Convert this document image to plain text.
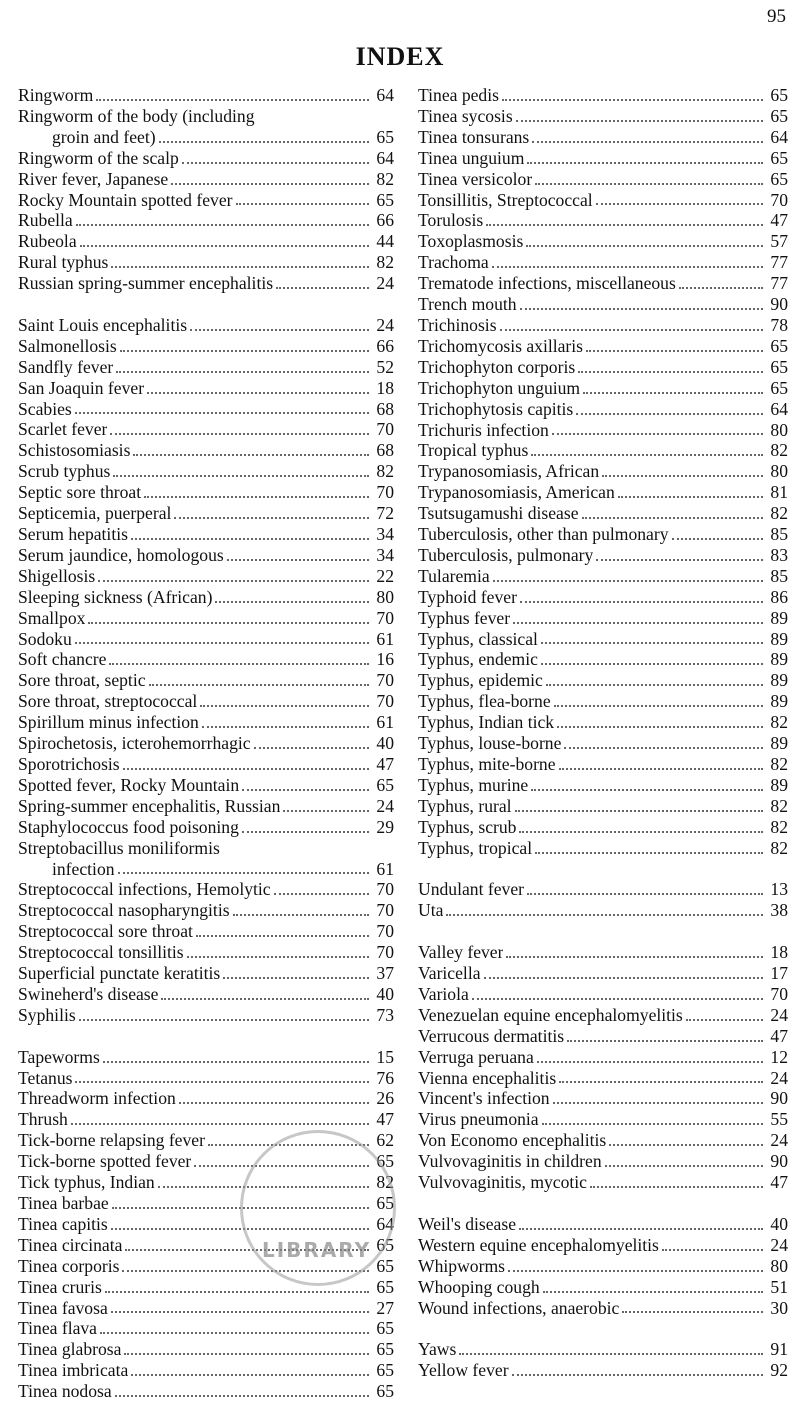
95
INDEX
Ringworm	64
Ringworm of the body (including
groin and feet)	65
Ringworm of the scalp	64
River fever, Japanese	82
Rocky Mountain spotted fever	65
Rubella	66
Rubeola	44
Rural typhus	82
Russian spring-summer encephalitis	24
Saint Louis encephalitis	24
Salmonellosis	66
Sandfly fever	52
San Joaquin fever	18
Scabies	68
Scarlet fever	70
Schistosomiasis	68
Scrub typhus	82
Septic sore throat	70
Septicemia, puerperal	72
Serum hepatitis	34
Serum jaundice, homologous	34
Shigellosis	22
Sleeping sickness (African)	80
Smallpox	70
Sodoku	61
Soft chancre	16
Sore throat, septic	70
Sore throat, streptococcal	70
Spirillum minus infection	61
Spirochetosis, icterohemorrhagic	40
Sporotrichosis	47
Spotted fever, Rocky Mountain	65
Spring-summer encephalitis, Russian	24
Staphylococcus food poisoning	29
Streptobacillus moniliformis
infection	61
Streptococcal infections, Hemolytic	70
Streptococcal nasopharyngitis	70
Streptococcal sore throat	70
Streptococcal tonsillitis	70
Superficial punctate keratitis	37
Swineherd's disease	40
Syphilis	73
Tapeworms	15
Tetanus	76
Threadworm infection	26
Thrush	47
Tick-borne relapsing fever	62
Tick-borne spotted fever	65
Tick typhus, Indian	82
Tinea barbae	65
Tinea capitis	64
Tinea circinata	65
Tinea corporis	65
Tinea cruris	65
Tinea favosa	27
Tinea flava	65
Tinea glabrosa	65
Tinea imbricata	65
Tinea nodosa	65
Tinea pedis	65
Tinea sycosis	65
Tinea tonsurans	64
Tinea unguium	65
Tinea versicolor	65
Tonsillitis, Streptococcal	70
Torulosis	47
Toxoplasmosis	57
Trachoma	77
Trematode infections, miscellaneous	77
Trench mouth	90
Trichinosis	78
Trichomycosis axillaris	65
Trichophyton corporis	65
Trichophyton unguium	65
Trichophytosis capitis	64
Trichuris infection	80
Tropical typhus	82
Trypanosomiasis, African	80
Trypanosomiasis, American	81
Tsutsugamushi disease	82
Tuberculosis, other than pulmonary	85
Tuberculosis, pulmonary	83
Tularemia	85
Typhoid fever	86
Typhus fever	89
Typhus, classical	89
Typhus, endemic	89
Typhus, epidemic	89
Typhus, flea-borne	89
Typhus, Indian tick	82
Typhus, louse-borne	89
Typhus, mite-borne	82
Typhus, murine	89
Typhus, rural	82
Typhus, scrub	82
Typhus, tropical	82
Undulant fever	13
Uta	38
Valley fever	18
Varicella	17
Variola	70
Venezuelan equine encephalomyelitis	24
Verrucous dermatitis	47
Verruga peruana	12
Vienna encephalitis	24
Vincent's infection	90
Virus pneumonia	55
Von Economo encephalitis	24
Vulvovaginitis in children	90
Vulvovaginitis, mycotic	47
Weil's disease	40
Western equine encephalomyelitis	24
Whipworms	80
Whooping cough	51
Wound infections, anaerobic	30
Yaws	91
Yellow fever	92
LIBRARY
